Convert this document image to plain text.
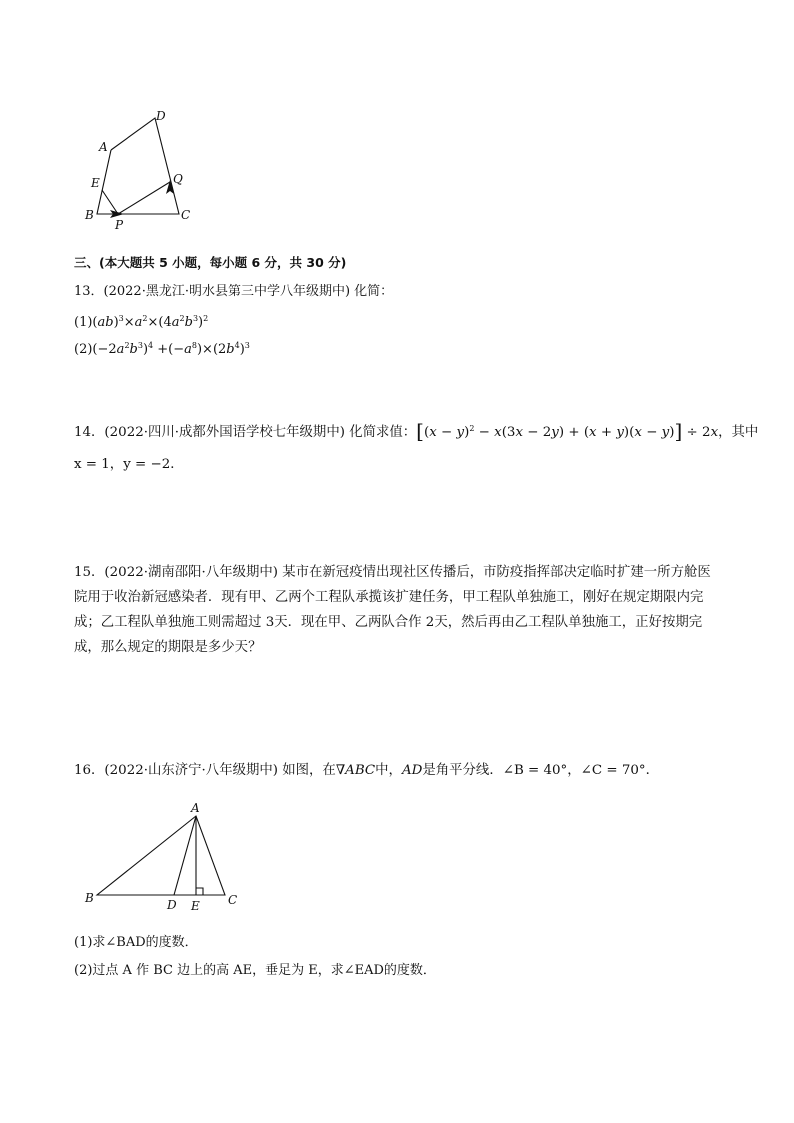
A
D
E	Q
B
P
C
三、(本大题共 5 小题，每小题 6 分，共 30 分)
13．(2022·黑龙江·明水县第三中学八年级期中) 化简：
$(1)(ab)^3\times a^2\times(4a^2b^3)^2$
$(2)(-2a^2b^3)^4 +(-a^8)\times(2b^4)^3$
14．(2022·四川·成都外国语学校七年级期中) 化简求值：$[(x - y)^2 - x(3x - 2y) + (x + y)(x - y)] \div 2x$，其中
x = 1，y = −2．
15．(2022·湖南邵阳·八年级期中) 某市在新冠疫情出现社区传播后，市防疫指挥部决定临时扩建一所方舱医院用于收治新冠感染者．现有甲、乙两个工程队承揽该扩建任务，甲工程队单独施工，刚好在规定期限内完成；乙工程队单独施工则需超过 3天．现在甲、乙两队合作 2天，然后再由乙工程队单独施工，正好按期完成，那么规定的期限是多少天？
16．(2022·山东济宁·八年级期中) 如图，在∇ABC中，AD是角平分线．∠B = 40°，∠C = 70°．
A
B	D E C
(1)求∠BAD的度数．
(2)过点 A 作 BC 边上的高 AE，垂足为 E，求∠EAD的度数．
